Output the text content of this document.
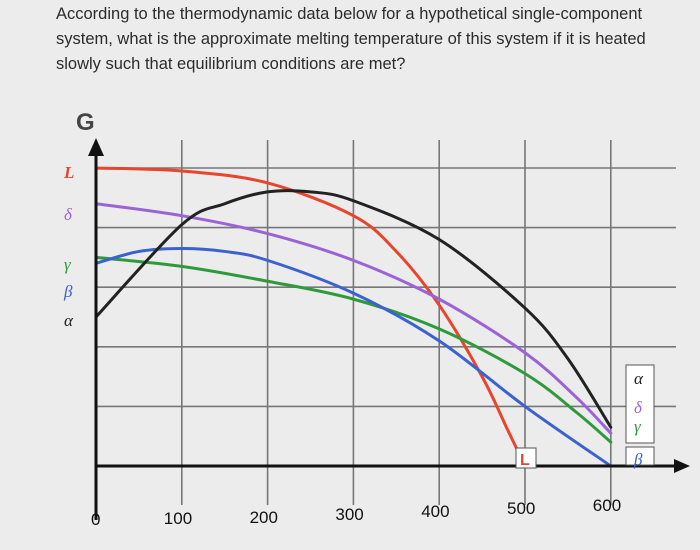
According to the thermodynamic data below for a hypothetical single-component system, what is the approximate melting temperature of this system if it is heated slowly such that equilibrium conditions are met?
0	100	200	300	400	500	600
G
L
δ
γ
β
α
α
δ
γ
β
L
